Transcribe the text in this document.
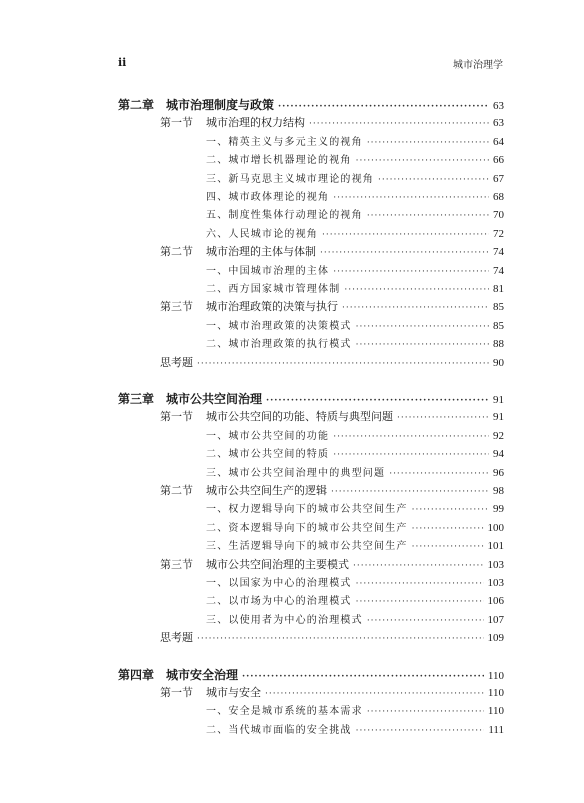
ii	城市治理学
第二章 城市治理制度与政策 ·····	63
第一节	城市治理的权力结构 ·····	63
一、精英主义与多元主义的视角 ·····	64
二、城市增长机器理论的视角 ·····	66
三、新马克思主义城市理论的视角 ·····	67
四、城市政体理论的视角 ·····	68
五、制度性集体行动理论的视角 ·····	70
六、人民城市论的视角 ·····	72
第二节	城市治理的主体与体制 ·····	74
一、中国城市治理的主体 ·····	74
二、西方国家城市管理体制 ·····	81
第三节	城市治理政策的决策与执行 ·····	85
一、城市治理政策的决策模式 ·····	85
二、城市治理政策的执行模式 ·····	88
思考题 ·····	90
第三章 城市公共空间治理 ·····	91
第一节	城市公共空间的功能、特质与典型问题 ·····	91
一、城市公共空间的功能 ·····	92
二、城市公共空间的特质 ·····	94
三、城市公共空间治理中的典型问题 ·····	96
第二节	城市公共空间生产的逻辑 ·····	98
一、权力逻辑导向下的城市公共空间生产 ·····	99
二、资本逻辑导向下的城市公共空间生产 ·····	100
三、生活逻辑导向下的城市公共空间生产 ·····	101
第三节	城市公共空间治理的主要模式 ·····	103
一、以国家为中心的治理模式 ·····	103
二、以市场为中心的治理模式 ·····	106
三、以使用者为中心的治理模式 ·····	107
思考题 ·····	109
第四章 城市安全治理 ·····	110
第一节	城市与安全 ·····	110
一、安全是城市系统的基本需求 ·····	110
二、当代城市面临的安全挑战 ·····	111
